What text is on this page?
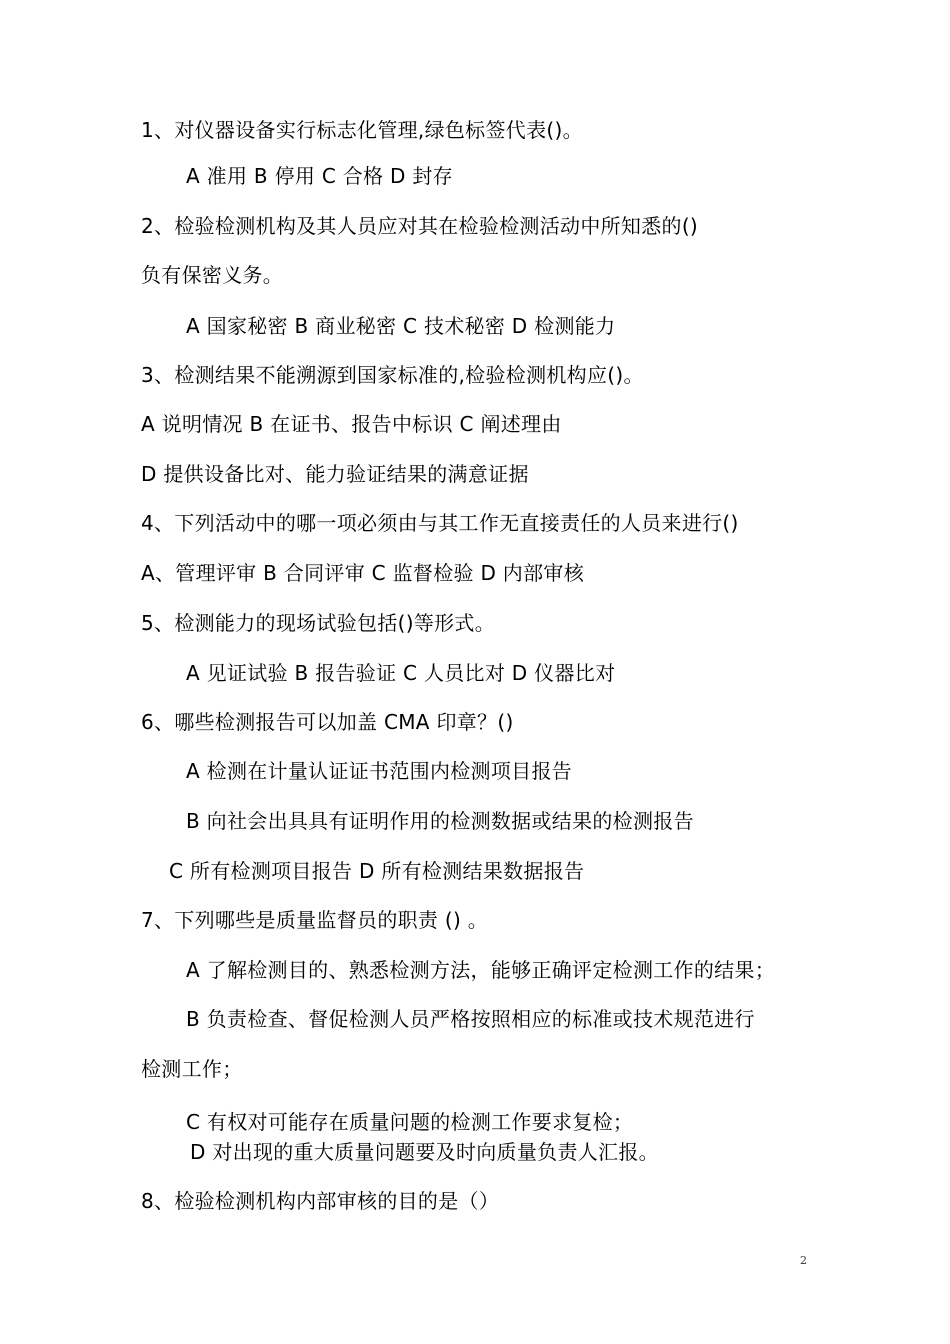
1、对仪器设备实行标志化管理,绿色标签代表()。
A 准用 B 停用 C 合格 D 封存
2、检验检测机构及其人员应对其在检验检测活动中所知悉的()
负有保密义务。
A 国家秘密 B 商业秘密 C 技术秘密 D 检测能力
3、检测结果不能溯源到国家标准的,检验检测机构应()。
A 说明情况 B 在证书、报告中标识 C 阐述理由
D 提供设备比对、能力验证结果的满意证据
4、下列活动中的哪一项必须由与其工作无直接责任的人员来进行()
A、管理评审 B 合同评审 C 监督检验 D 内部审核
5、检测能力的现场试验包括()等形式。
A 见证试验 B 报告验证 C 人员比对 D 仪器比对
6、哪些检测报告可以加盖 CMA 印章？()
A 检测在计量认证证书范围内检测项目报告
B 向社会出具具有证明作用的检测数据或结果的检测报告
C 所有检测项目报告 D 所有检测结果数据报告
7、下列哪些是质量监督员的职责 () 。
A 了解检测目的、熟悉检测方法，能够正确评定检测工作的结果；
B 负责检查、督促检测人员严格按照相应的标准或技术规范进行
检测工作；
C 有权对可能存在质量问题的检测工作要求复检；
D 对出现的重大质量问题要及时向质量负责人汇报。
8、检验检测机构内部审核的目的是（）
2
